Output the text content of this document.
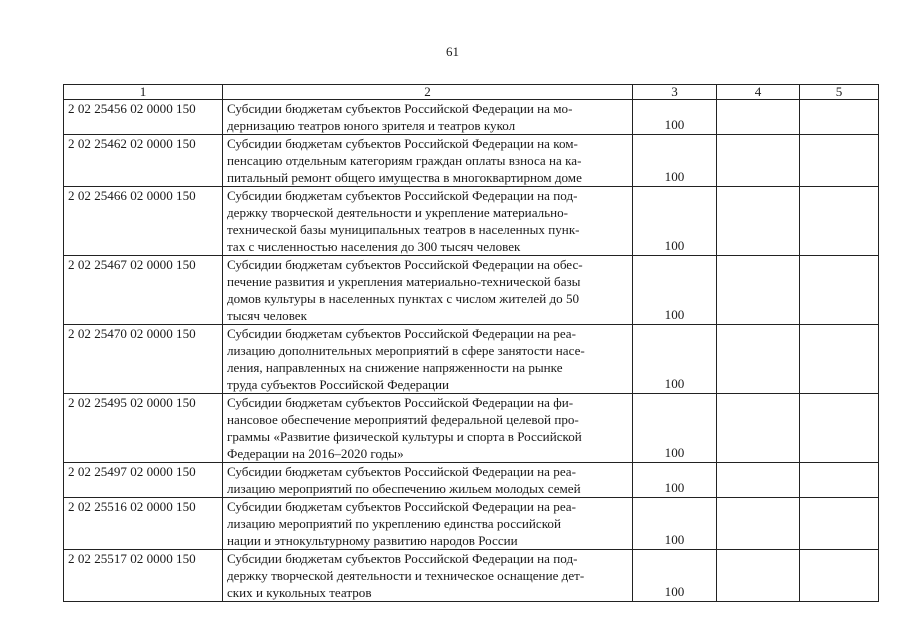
61
1	2	3	4	5
2 02 25456 02 0000 150	Субсидии бюджетам субъектов Российской Федерации на мо-
дернизацию театров юного зрителя и театров кукол	100		
2 02 25462 02 0000 150	Субсидии бюджетам субъектов Российской Федерации на ком-
пенсацию отдельным категориям граждан оплаты взноса на ка-
питальный ремонт общего имущества в многоквартирном доме	100		
2 02 25466 02 0000 150	Субсидии бюджетам субъектов Российской Федерации на под-
держку творческой деятельности и укрепление материально-
технической базы муниципальных театров в населенных пунк-
тах с численностью населения до 300 тысяч человек	100		
2 02 25467 02 0000 150	Субсидии бюджетам субъектов Российской Федерации на обес-
печение развития и укрепления материально-технической базы
домов культуры в населенных пунктах с числом жителей до 50
тысяч человек	100		
2 02 25470 02 0000 150	Субсидии бюджетам субъектов Российской Федерации на реа-
лизацию дополнительных мероприятий в сфере занятости насе-
ления, направленных на снижение напряженности на рынке
труда субъектов Российской Федерации	100		
2 02 25495 02 0000 150	Субсидии бюджетам субъектов Российской Федерации на фи-
нансовое обеспечение мероприятий федеральной целевой про-
граммы «Развитие физической культуры и спорта в Российской
Федерации на 2016–2020 годы»	100		
2 02 25497 02 0000 150	Субсидии бюджетам субъектов Российской Федерации на реа-
лизацию мероприятий по обеспечению жильем молодых семей	100		
2 02 25516 02 0000 150	Субсидии бюджетам субъектов Российской Федерации на реа-
лизацию мероприятий по укреплению единства российской
нации и этнокультурному развитию народов России	100		
2 02 25517 02 0000 150	Субсидии бюджетам субъектов Российской Федерации на под-
держку творческой деятельности и техническое оснащение дет-
ских и кукольных театров	100		
